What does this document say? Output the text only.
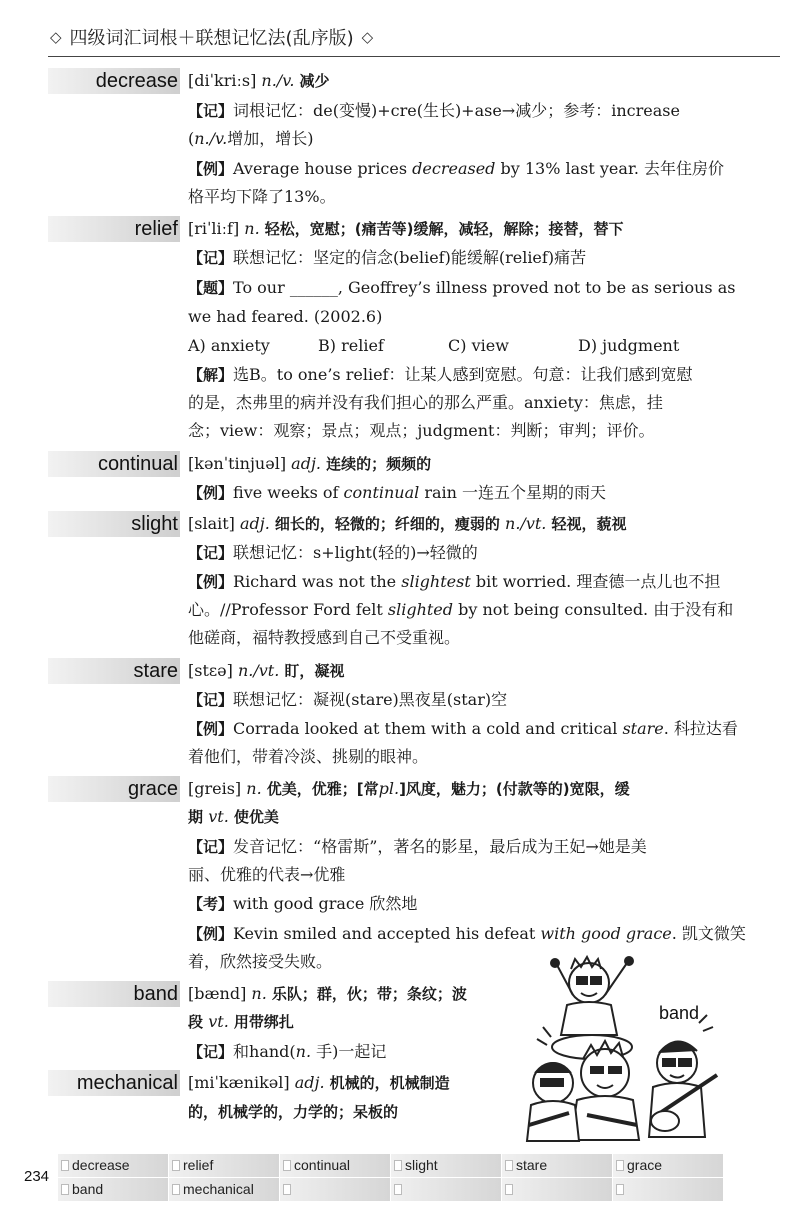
◇ 四级词汇词根＋联想记忆法(乱序版) ◇
decrease [diˈkriːs] n./v. 减少
【记】词根记忆：de(变慢)+cre(生长)+ase→减少；参考：increase
(n./v.增加，增长)
【例】Average house prices decreased by 13% last year. 去年住房价
格平均下降了13%。
relief [riˈliːf] n. 轻松，宽慰；(痛苦等)缓解，减轻，解除；接替，替下
【记】联想记忆：坚定的信念(belief)能缓解(relief)痛苦
【题】To our ______, Geoffrey’s illness proved not to be as serious as
we had feared. (2002.6)
A) anxiety	B) relief	C) view	D) judgment
【解】选B。to one’s relief：让某人感到宽慰。句意：让我们感到宽慰
的是，杰弗里的病并没有我们担心的那么严重。anxiety：焦虑，挂
念；view：观察；景点；观点；judgment：判断；审判；评价。
continual [kənˈtinjuəl] adj. 连续的；频频的
【例】five weeks of continual rain 一连五个星期的雨天
slight [slait] adj. 细长的，轻微的；纤细的，瘦弱的 n./vt. 轻视，藐视
【记】联想记忆：s+light(轻的)→轻微的
【例】Richard was not the slightest bit worried. 理查德一点儿也不担
心。//Professor Ford felt slighted by not being consulted. 由于没有和
他磋商，福特教授感到自己不受重视。
stare [stɛə] n./vt. 盯，凝视
【记】联想记忆：凝视(stare)黑夜星(star)空
【例】Corrada looked at them with a cold and critical stare. 科拉达看
着他们，带着冷淡、挑剔的眼神。
grace [greis] n. 优美，优雅；[常pl.]风度，魅力；(付款等的)宽限，缓
期 vt. 使优美
【记】发音记忆：“格雷斯”，著名的影星，最后成为王妃→她是美
丽、优雅的代表→优雅
【考】with good grace 欣然地
【例】Kevin smiled and accepted his defeat with good grace. 凯文微笑
着，欣然接受失败。
band [bænd] n. 乐队；群，伙；带；条纹；波
段 vt. 用带绑扎
【记】和hand(n. 手)一起记
mechanical [miˈkænikəl] adj. 机械的，机械制造
的，机械学的，力学的；呆板的
band
234
decrease	relief	continual	slight	stare	grace
band	mechanical
